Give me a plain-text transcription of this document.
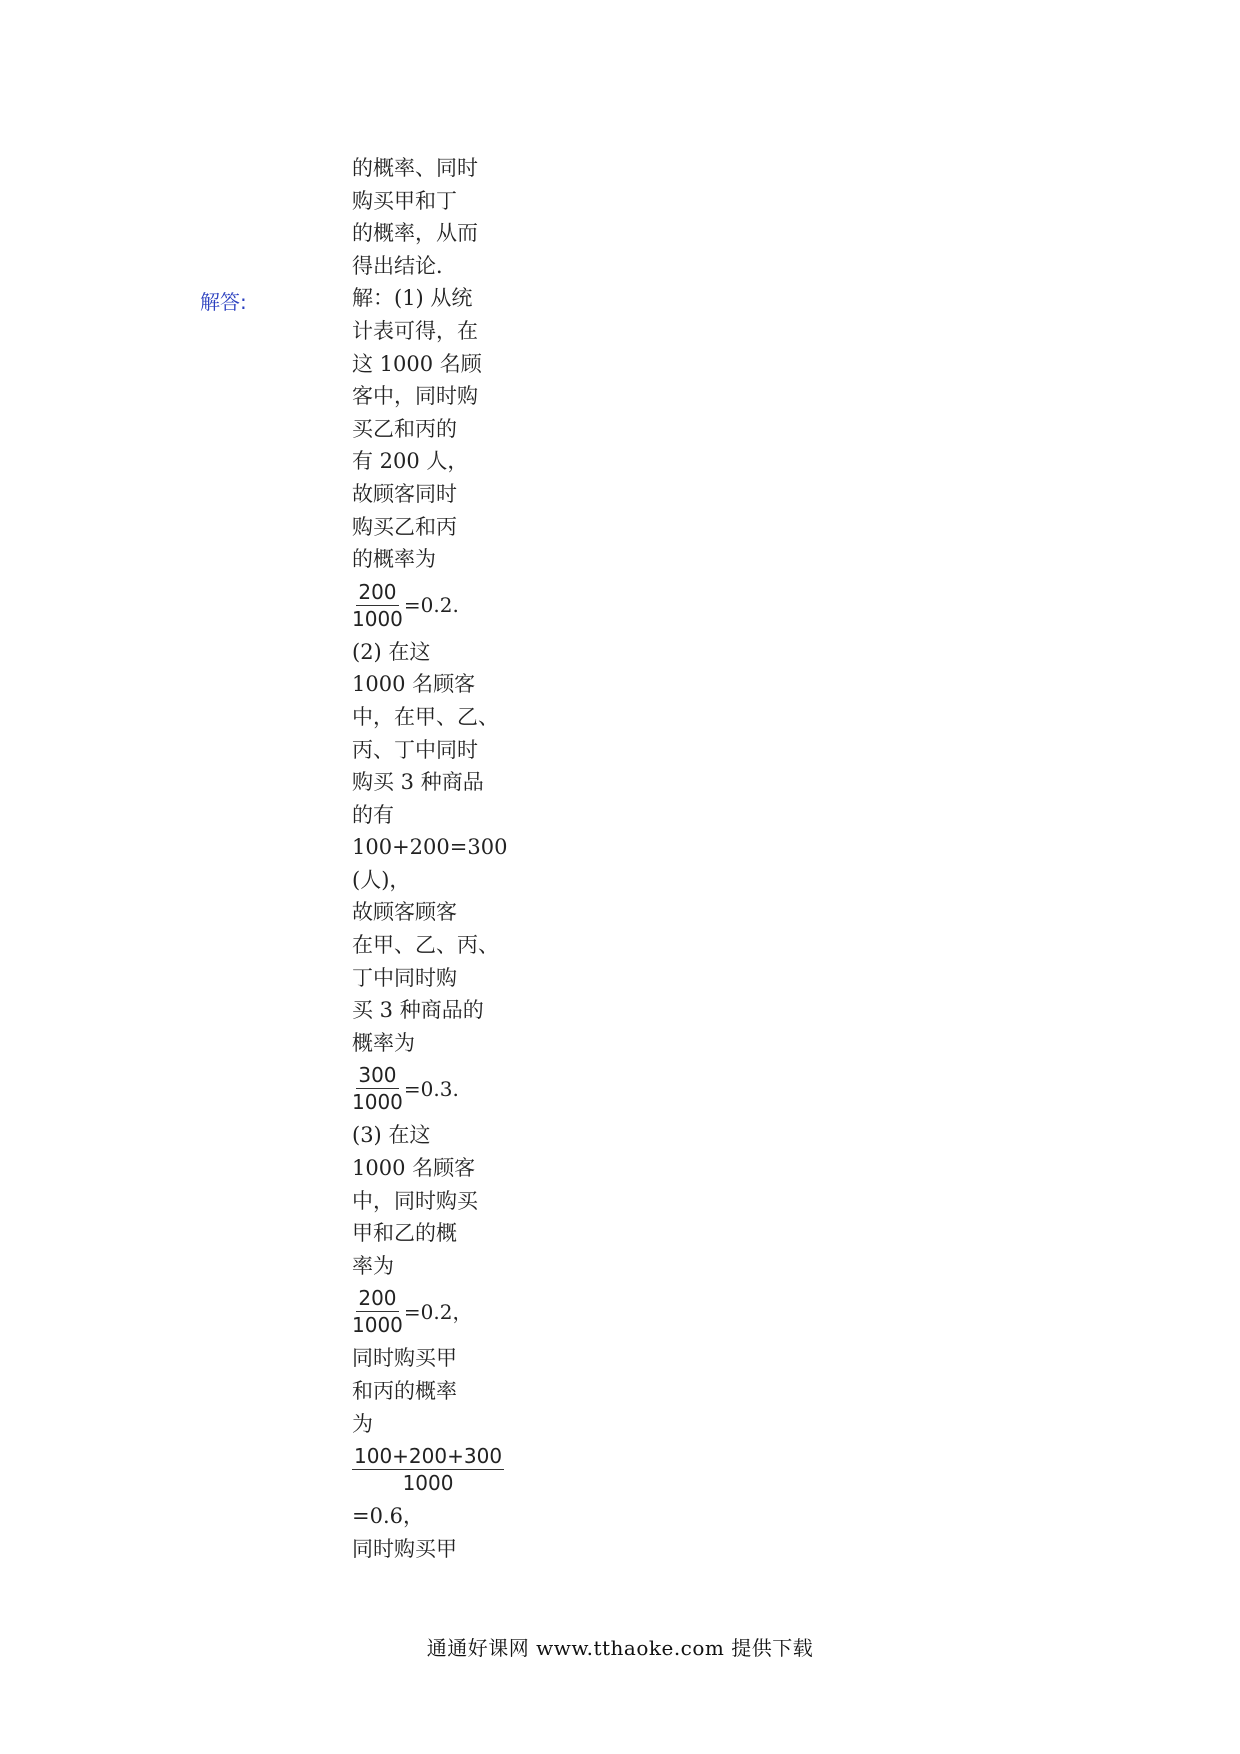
解答:
的概率、同时
购买甲和丁
的概率，从而
得出结论．
解：(1) 从统
计表可得，在
这 1000 名顾
客中，同时购
买乙和丙的
有 200 人，
故顾客同时
购买乙和丙
的概率为
$\frac{200}{1000} =0.2$.
(2) 在这
1000 名顾客
中，在甲、乙、
丙、丁中同时
购买 3 种商品
的有
100+200=300
(人)，
故顾客顾客
在甲、乙、丙、
丁中同时购
买 3 种商品的
概率为
$\frac{300}{1000} =0.3$.
(3) 在这
1000 名顾客
中，同时购买
甲和乙的概
率为
$\frac{200}{1000} =0.2$，
同时购买甲
和丙的概率
为
$\frac{100+200+300}{1000}$
=0.6，
同时购买甲
通通好课网 www.tthaoke.com 提供下载
